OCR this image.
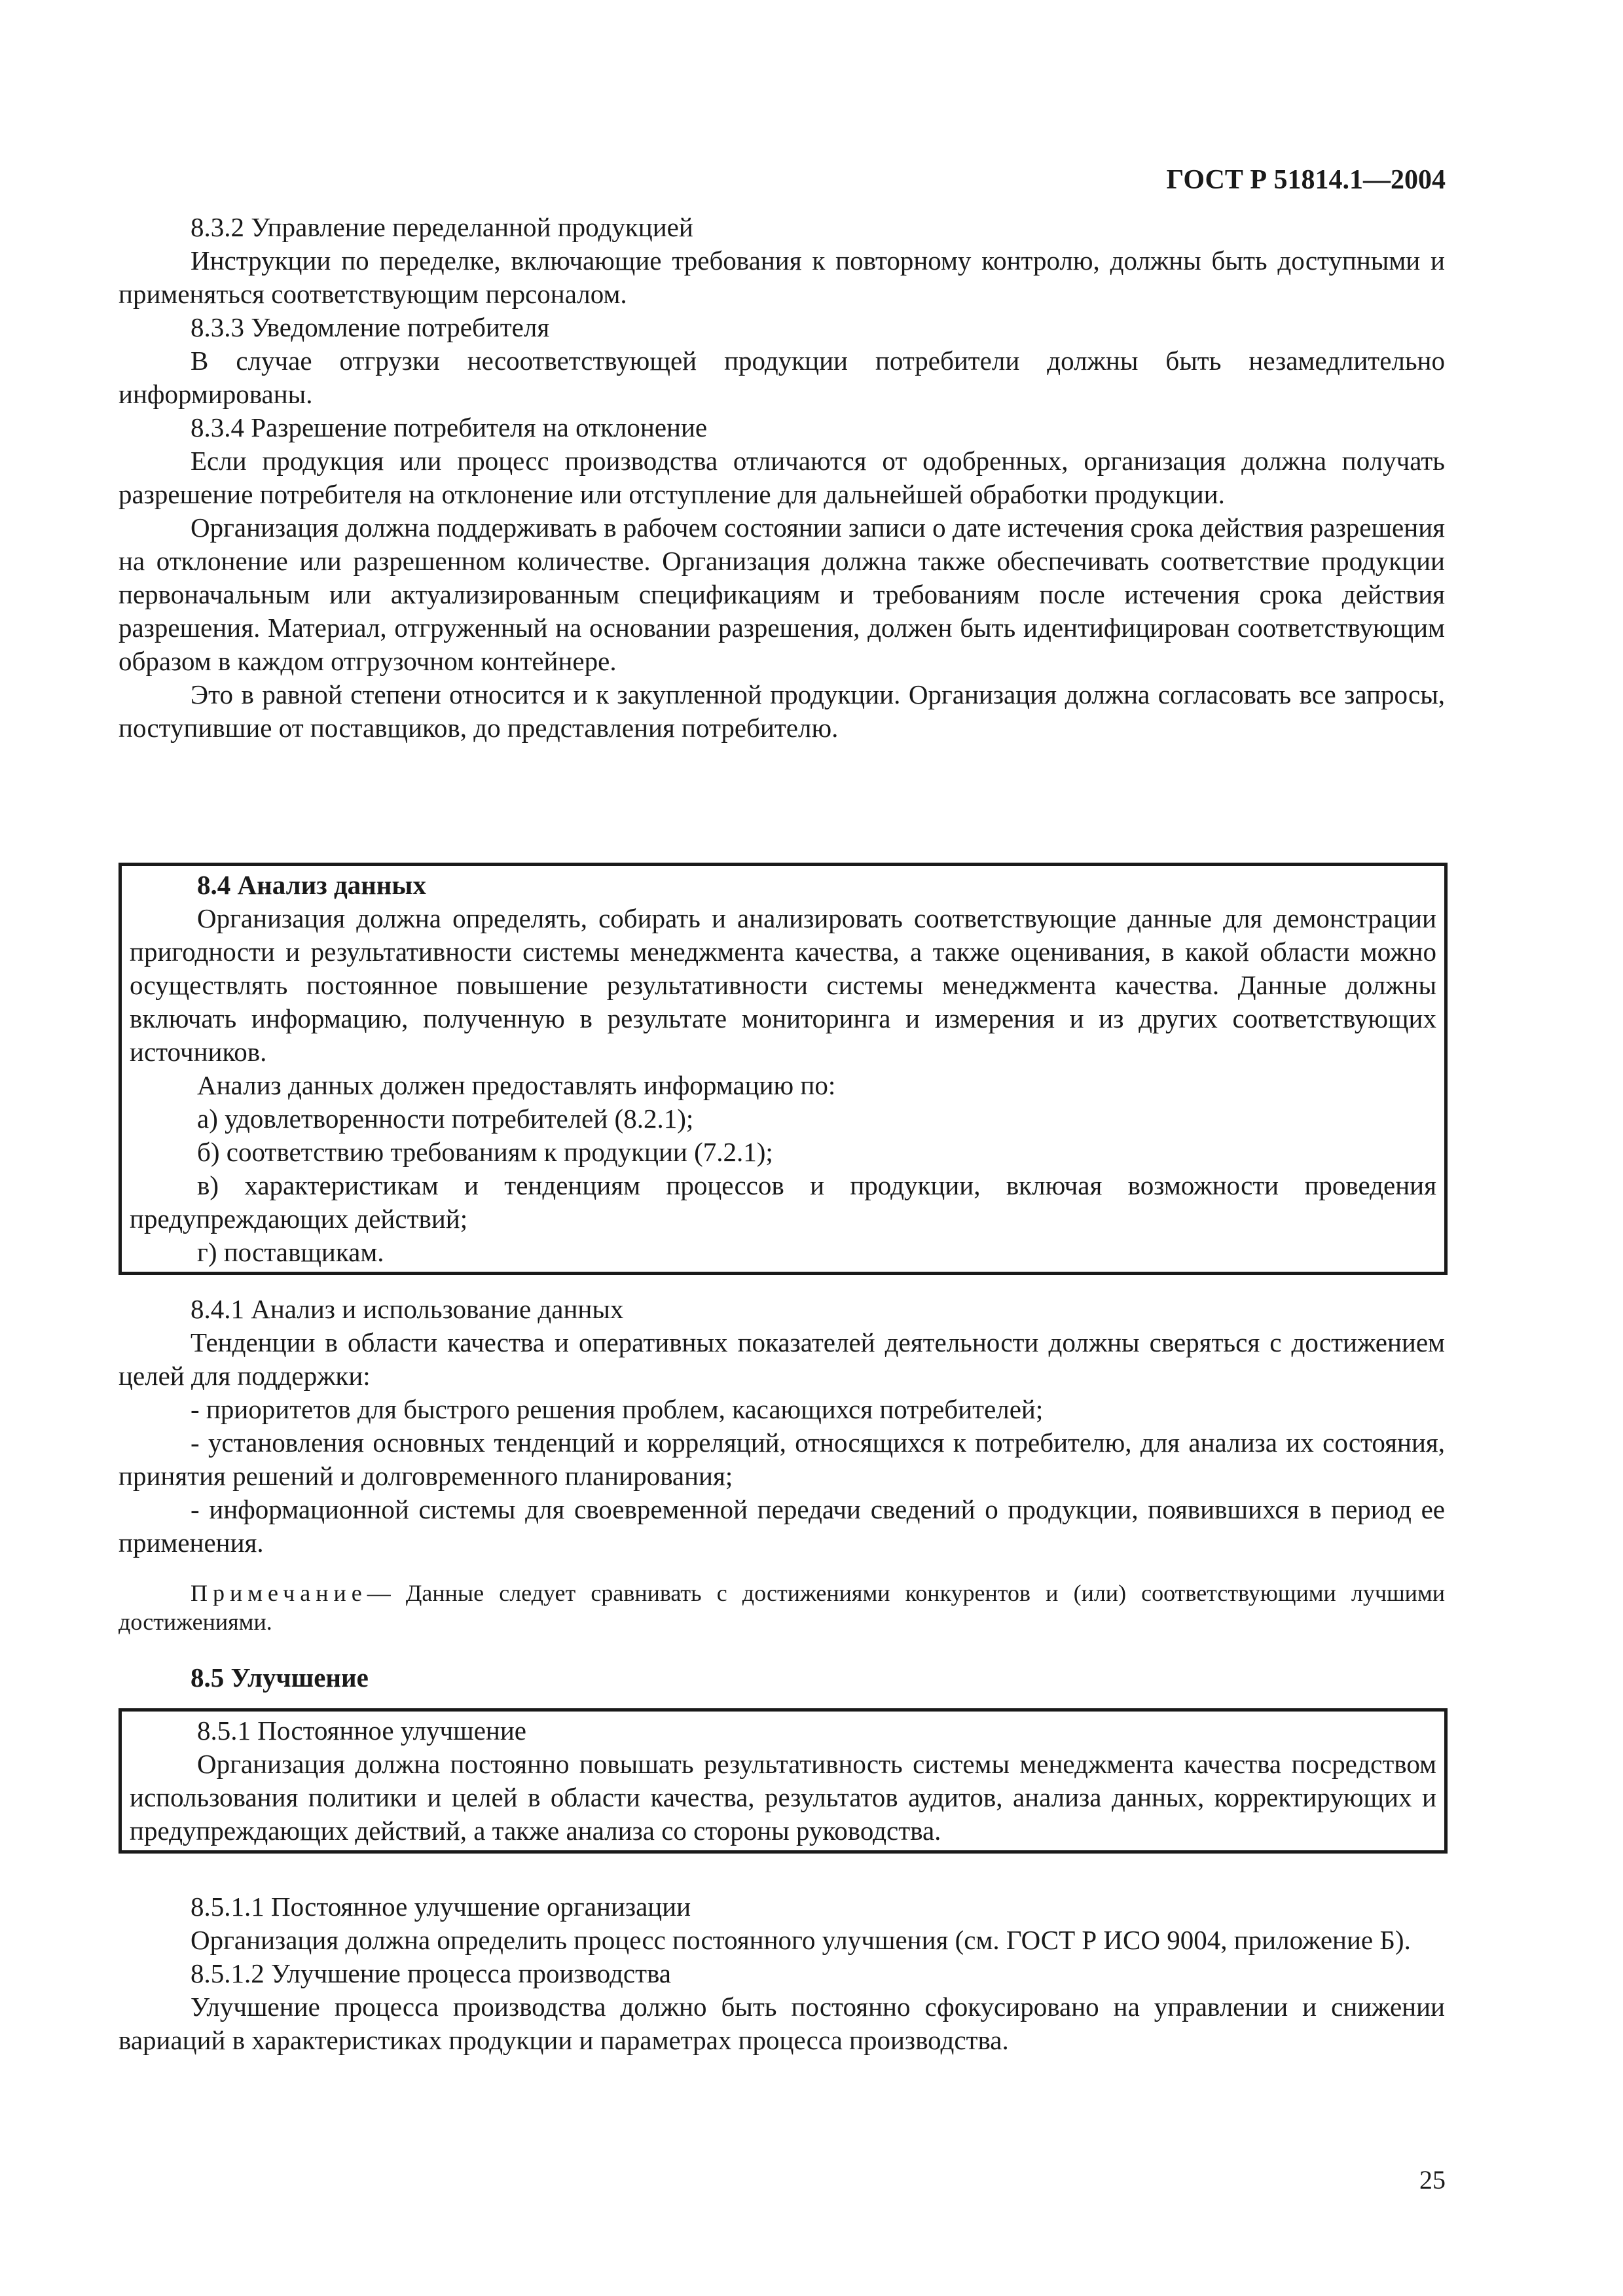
ГОСТ Р 51814.1—2004

8.3.2 Управление переделанной продукцией

Инструкции по переделке, включающие требования к повторному контролю, должны быть доступными и применяться соответствующим персоналом.

8.3.3 Уведомление потребителя

В случае отгрузки несоответствующей продукции потребители должны быть незамедлительно информированы.

8.3.4 Разрешение потребителя на отклонение

Если продукция или процесс производства отличаются от одобренных, организация должна получать разрешение потребителя на отклонение или отступление для дальнейшей обработки продукции.

Организация должна поддерживать в рабочем состоянии записи о дате истечения срока действия разрешения на отклонение или разрешенном количестве. Организация должна также обеспечивать соответствие продукции первоначальным или актуализированным спецификациям и требованиям после истечения срока действия разрешения. Материал, отгруженный на основании разрешения, должен быть идентифицирован соответствующим образом в каждом отгрузочном контейнере.

Это в равной степени относится и к закупленной продукции. Организация должна согласовать все запросы, поступившие от поставщиков, до представления потребителю.

8.4 Анализ данных

Организация должна определять, собирать и анализировать соответствующие данные для демонстрации пригодности и результативности системы менеджмента качества, а также оценивания, в какой области можно осуществлять постоянное повышение результативности системы менеджмента качества. Данные должны включать информацию, полученную в результате мониторинга и измерения и из других соответствующих источников.

Анализ данных должен предоставлять информацию по:

а) удовлетворенности потребителей (8.2.1);

б) соответствию требованиям к продукции (7.2.1);

в) характеристикам и тенденциям процессов и продукции, включая возможности проведения предупреждающих действий;

г) поставщикам.

8.4.1 Анализ и использование данных

Тенденции в области качества и оперативных показателей деятельности должны сверяться с достижением целей для поддержки:

- приоритетов для быстрого решения проблем, касающихся потребителей;

- установления основных тенденций и корреляций, относящихся к потребителю, для анализа их состояния, принятия решений и долговременного планирования;

- информационной системы для своевременной передачи сведений о продукции, появившихся в период ее применения.

Примечание— Данные следует сравнивать с достижениями конкурентов и (или) соответствующими лучшими достижениями.

8.5 Улучшение

8.5.1 Постоянное улучшение

Организация должна постоянно повышать результативность системы менеджмента качества посредством использования политики и целей в области качества, результатов аудитов, анализа данных, корректирующих и предупреждающих действий, а также анализа со стороны руководства.

8.5.1.1 Постоянное улучшение организации

Организация должна определить процесс постоянного улучшения (см. ГОСТ Р ИСО 9004, приложение Б).

8.5.1.2 Улучшение процесса производства

Улучшение процесса производства должно быть постоянно сфокусировано на управлении и снижении вариаций в характеристиках продукции и параметрах процесса производства.

25
